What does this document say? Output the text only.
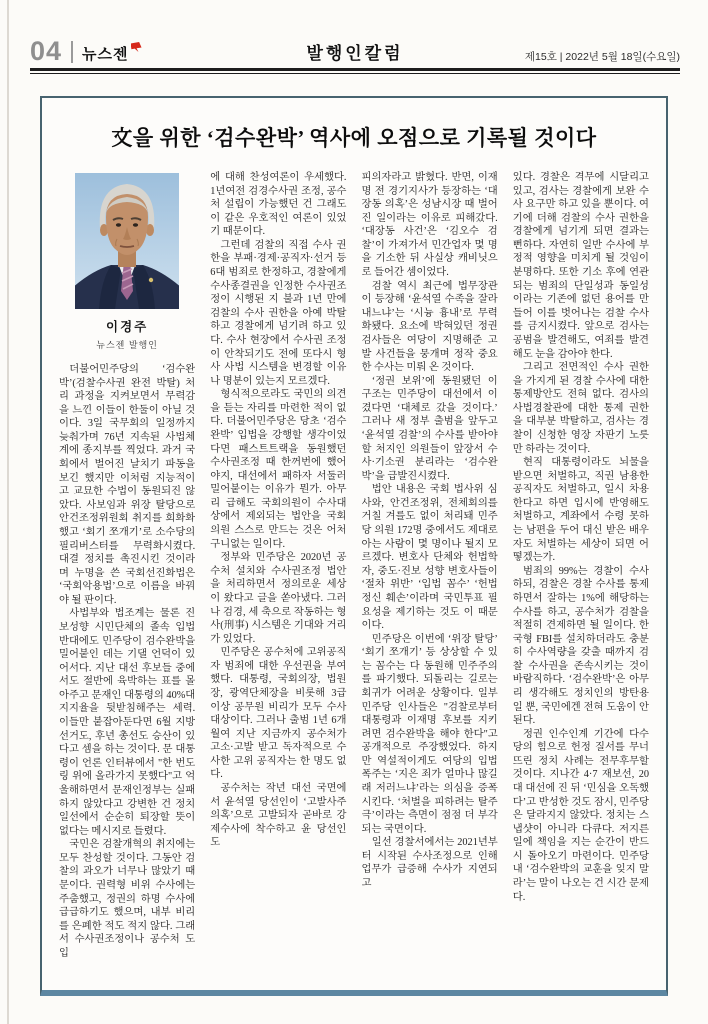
04 뉴스젠	발행인칼럼	제15호 | 2022년 5월 18일(수요일)
文을 위한 ‘검수완박’ 역사에 오점으로 기록될 것이다
이경주
뉴스젠 발행인

더불어민주당의 ‘검수완박’(검찰수사권 완전 박탈) 처리 과정을 지켜보면서 무력감을 느낀 이들이 한둘이 아닐 것이다. 3일 국무회의 일정까지 늦춰가며 76년 지속된 사법체계에 종지부를 찍었다. 과거 국회에서 벌어진 날치기 파동을 보긴 했지만 이처럼 지능적이고 교묘한 수법이 동원되진 않았다. 사보임과 위장 탈당으로 안건조정위원회 취지를 희화화했고 ‘회기 쪼개기’로 소수당의 필리버스터를 무력화시켰다. 대결 정치를 촉진시킨 것이라며 누명을 쓴 국회선진화법은 ‘국회악용법’으로 이름을 바꿔야 될 판이다.

사법부와 법조계는 물론 진보성향 시민단체의 졸속 입법 반대에도 민주당이 검수완박을 밀어붙인 데는 기댈 언덕이 있어서다. 지난 대선 후보들 중에서도 절반에 육박하는 표를 몰아주고 문재인 대통령의 40%대 지지율을 뒷받침해주는 세력. 이들만 붙잡아둔다면 6월 지방선거도, 후년 총선도 승산이 있다고 셈을 하는 것이다. 문 대통령이 언론 인터뷰에서 "한 번도 링 위에 올라가지 못했다"고 억울해하면서 문재인정부는 실패하지 않았다고 강변한 건 정치 일선에서 순순히 퇴장할 뜻이 없다는 메시지로 들렸다.

국민은 검찰개혁의 취지에는 모두 찬성할 것이다. 그동안 검찰의 과오가 너무나 많았기 때문이다. 권력형 비위 수사에는 주춤했고, 정권의 하명 수사에 급급하기도 했으며, 내부 비리를 은폐한 적도 적지 않다. 그래서 수사권조정이나 공수처 도입

에 대해 찬성여론이 우세했다. 1년여전 검경수사권 조정, 공수처 설립이 가능했던 건 그래도 이 같은 우호적인 여론이 있었기 때문이다.

그런데 검찰의 직접 수사 권한을 부패·경제·공직자·선거 등 6대 범죄로 한정하고, 경찰에게 수사종결권을 인정한 수사권조정이 시행된 지 불과 1년 만에 검찰의 수사 권한을 아예 박탈하고 경찰에게 넘기려 하고 있다. 수사 현장에서 수사권 조정이 안착되기도 전에 또다시 형사 사법 시스템을 변경할 이유나 명분이 있는지 모르겠다.

형식적으로라도 국민의 의견을 듣는 자리를 마련한 적이 없다. 더불어민주당은 당초 ‘검수완박’ 입법을 강행할 생각이었다면 패스트트랙을 동원했던 수사권조정 때 한꺼번에 했어야지, 대선에서 패하자 서둘러 밀어붙이는 이유가 뭔가. 아무리 급해도 국회의원이 수사대상에서 제외되는 법안을 국회의원 스스로 만드는 것은 어처구니없는 일이다.

정부와 민주당은 2020년 공수처 설치와 수사권조정 법안을 처리하면서 정의로운 세상이 왔다고 글을 쏟아냈다. 그러나 검경, 세 축으로 작동하는 형사(刑事) 시스템은 기대와 거리가 있었다.

민주당은 공수처에 고위공직자 범죄에 대한 우선권을 부여했다. 대통령, 국회의장, 법원장, 광역단체장을 비롯해 3급 이상 공무원 비리가 모두 수사 대상이다. 그러나 출범 1년 6개월여 지난 지금까지 공수처가 고소·고발 받고 독자적으로 수사한 고위 공직자는 한 명도 없다.

공수처는 작년 대선 국면에서 윤석열 당선인이 ‘고발사주 의혹’으로 고발되자 곧바로 강제수사에 착수하고 윤 당선인도

피의자라고 밝혔다. 반면, 이재명 전 경기지사가 등장하는 ‘대장동 의혹’은 성남시장 때 벌어진 일이라는 이유로 피해갔다. ‘대장동 사건’은 ‘김오수 검찰’이 가져가서 민간업자 몇 명을 기소한 뒤 사실상 캐비닛으로 들어간 셈이었다.

검찰 역시 최근에 법무장관이 등장해 ‘윤석열 수족을 잘라내느냐’는 ‘시늉 흉내’로 무력화됐다. 요소에 박혀있던 정권 검사들은 여당이 지명해준 고발 사건들을 뭉개며 정작 중요한 수사는 미뤄 온 것이다.

‘정권 보위’에 동원됐던 이 구조는 민주당이 대선에서 이겼다면 ‘대체로 갔을 것이다.’ 그러나 새 정부 출범을 앞두고 ‘윤석열 검찰’의 수사를 받아야 할 처지인 의원들이 앞장서 수사·기소권 분리라는 ‘검수완박’을 급발진시켰다.

법안 내용은 국회 법사위 심사와, 안건조정위, 전체회의를 거칠 겨를도 없이 처리돼 민주당 의원 172명 중에서도 제대로 아는 사람이 몇 명이나 될지 모르겠다. 변호사 단체와 헌법학자, 중도·진보 성향 변호사들이 ‘절차 위반’ ‘입법 꼼수’ ‘헌법 정신 훼손’이라며 국민투표 필요성을 제기하는 것도 이 때문이다.

민주당은 이번에 ‘위장 탈당’ ‘회기 쪼개기’ 등 상상할 수 있는 꼼수는 다 동원해 민주주의를 파기했다. 되돌리는 길로는 회귀가 어려운 상황이다. 일부 민주당 인사들은 "검찰로부터 대통령과 이재명 후보를 지키려면 검수완박을 해야 한다"고 공개적으로 주장했었다. 하지만 역설적이게도 여당의 입법 폭주는 ‘지은 죄가 얼마나 많길래 저러느냐’라는 의심을 증폭시킨다. ‘처벌을 피하려는 탈주극’이라는 측면이 점점 더 부각되는 국면이다.

일선 경찰서에서는 2021년부터 시작된 수사조정으로 인해 업무가 급증해 수사가 지연되고

있다. 경찰은 격무에 시달리고 있고, 검사는 경찰에게 보완 수사 요구만 하고 있을 뿐이다. 여기에 더해 검찰의 수사 권한을 경찰에게 넘기게 되면 결과는 뻔하다. 자연히 일반 수사에 부정적 영향을 미치게 될 것임이 분명하다. 또한 기소 후에 연관되는 범죄의 단일성과 동일성이라는 기존에 없던 용어를 만들어 이를 벗어나는 검찰 수사를 금지시켰다. 앞으로 검사는 공범을 발견해도, 여죄를 발견해도 눈을 감아야 한다.

그리고 전면적인 수사 권한을 가지게 된 경찰 수사에 대한 통제방안도 전혀 없다. 검사의 사법경찰관에 대한 통제 권한을 대부분 박탈하고, 검사는 경찰이 신청한 영장 자판기 노릇만 하라는 것이다.

현직 대통령이라도 뇌물을 받으면 처벌하고, 직권 남용한 공직자도 처벌하고, 일시 차용한다고 하면 입시에 반영해도 처벌하고, 계좌에서 수령 못하는 남편을 두어 대신 받은 배우자도 처벌하는 세상이 되면 어떻겠는가.

범죄의 99%는 경찰이 수사하되, 검찰은 경찰 수사를 통제하면서 잘하는 1%에 해당하는 수사를 하고, 공수처가 검찰을 적절히 견제하면 될 일이다. 한국형 FBI를 설치하더라도 충분히 수사역량을 갖출 때까지 검찰 수사권을 존속시키는 것이 바람직하다. ‘검수완박’은 아무리 생각해도 정치인의 방탄용일 뿐, 국민에겐 전혀 도움이 안된다.

정권 인수인계 기간에 다수당의 힘으로 헌정 질서를 무너뜨린 정치 사례는 전무후무할 것이다. 지나간 4·7 재보선, 20대 대선에 진 뒤 ‘민심을 오독했다’고 반성한 것도 잠시, 민주당은 달라지지 않았다. 정치는 스냅샷이 아니라 다큐다. 저지른 일에 책임을 지는 순간이 반드시 돌아오기 마련이다. 민주당 내 ‘검수완박의 교훈을 잊지 말라’는 말이 나오는 건 시간 문제다.
